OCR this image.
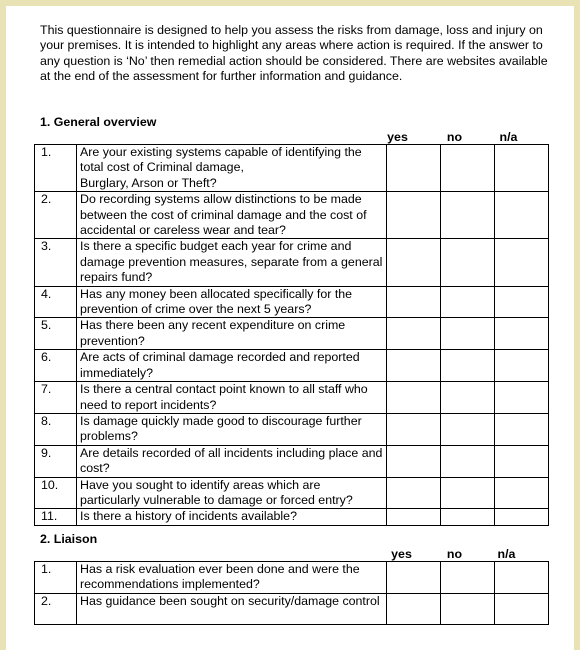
This questionnaire is designed to help you assess the risks from damage, loss and injury on your premises. It is intended to highlight any areas where action is required. If the answer to any question is ‘No’ then remedial action should be considered. There are websites available at the end of the assessment for further information and guidance.

1. General overview

yes	no	n/a
1.	Are your existing systems capable of identifying the total cost of Criminal damage,
Burglary, Arson or Theft?			
2.	Do recording systems allow distinctions to be made between the cost of criminal damage and the cost of accidental or careless wear and tear?			
3.	Is there a specific budget each year for crime and damage prevention measures, separate from a general repairs fund?			
4.	Has any money been allocated specifically for the prevention of crime over the next 5 years?			
5.	Has there been any recent expenditure on crime prevention?			
6.	Are acts of criminal damage recorded and reported immediately?			
7.	Is there a central contact point known to all staff who need to report incidents?			
8.	Is damage quickly made good to discourage further problems?			
9.	Are details recorded of all incidents including place and cost?			
10.	Have you sought to identify areas which are particularly vulnerable to damage or forced entry?			
11.	Is there a history of incidents available?			

2. Liaison

yes	no	n/a
1.	Has a risk evaluation ever been done and were the recommendations implemented?			
2.	Has guidance been sought on security/damage control			
